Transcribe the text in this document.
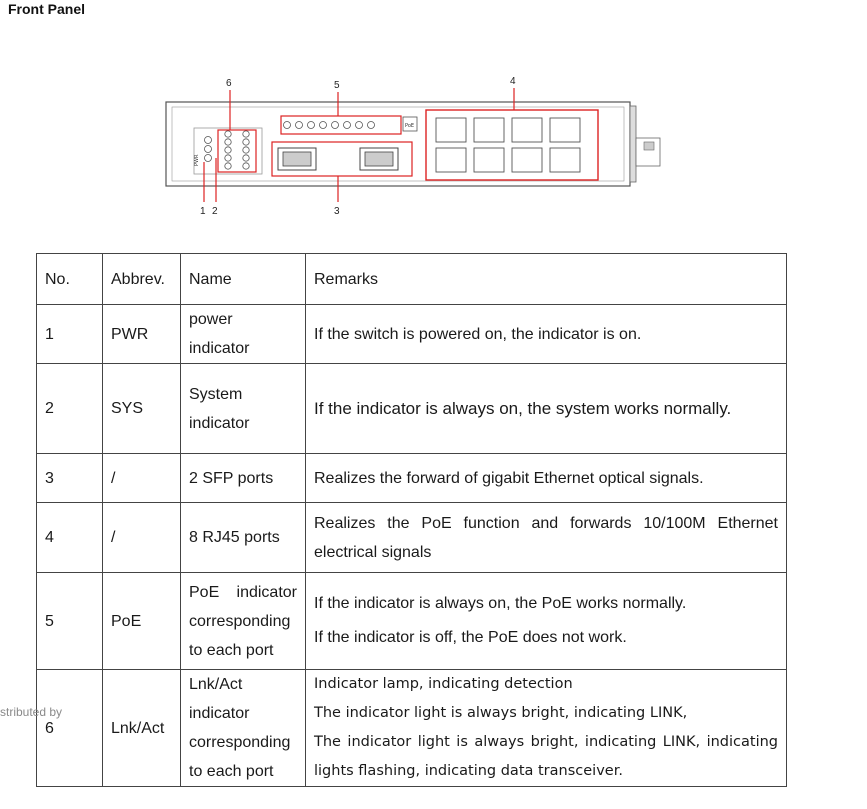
Front Panel
PWR
PoE
6	5	4
3
1 2
No.	Abbrev.	Name	Remarks
1	PWR	power indicator	If the switch is powered on, the indicator is on.
2	SYS	System indicator	If the indicator is always on, the system works normally.
3	/	2 SFP ports	Realizes the forward of gigabit Ethernet optical signals.
4	/	8 RJ45 ports	Realizes the PoE function and forwards 10/100M Ethernet electrical signals
5	PoE	PoE indicator corresponding to each port	If the indicator is always on, the PoE works normally.
If the indicator is off, the PoE does not work.

6	Lnk/Act	Lnk/Act indicator corresponding to each port	Indicator lamp, indicating detection
The indicator light is always bright, indicating LINK,
The indicator light is always bright, indicating LINK, indicating lights flashing, indicating data transceiver.
stributed by
